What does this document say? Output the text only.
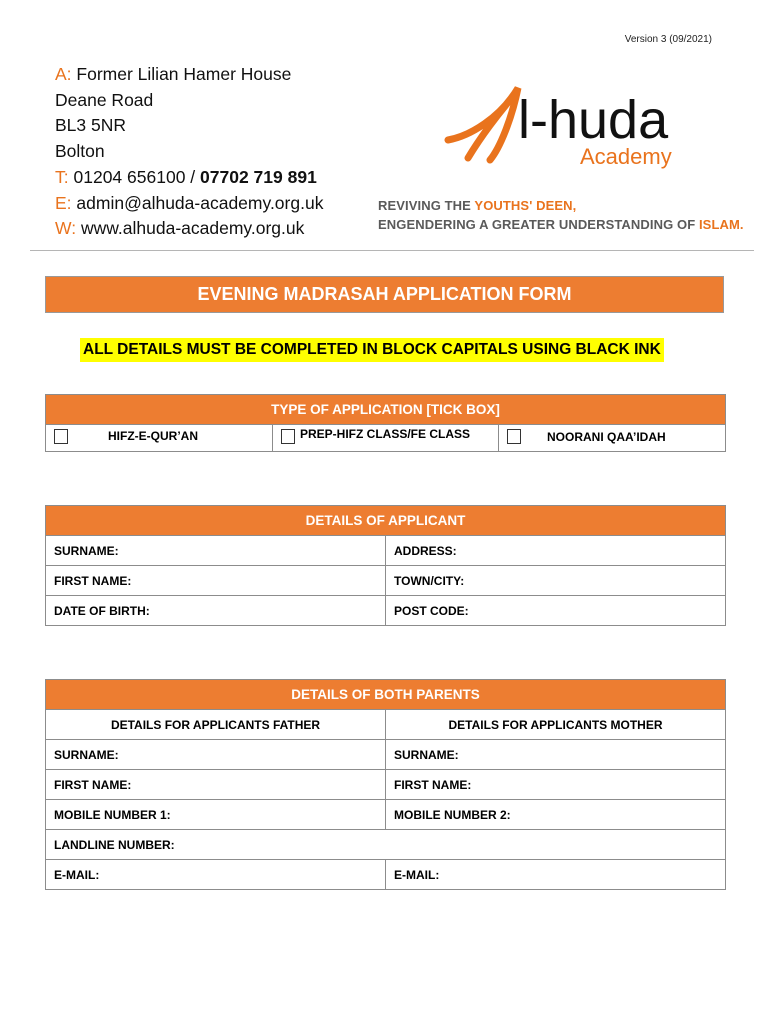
Version 3 (09/2021)
A: Former Lilian Hamer House
Deane Road
BL3 5NR
Bolton
T: 01204 656100 / 07702 719 891
E: admin@alhuda-academy.org.uk
W: www.alhuda-academy.org.uk
l-huda
Academy
REVIVING THE YOUTHS' DEEN,
ENGENDERING A GREATER UNDERSTANDING OF ISLAM.
EVENING MADRASAH APPLICATION FORM
ALL DETAILS MUST BE COMPLETED IN BLOCK CAPITALS USING BLACK INK
TYPE OF APPLICATION [TICK BOX]

HIFZ-E-QUR’AN	PREP-HIFZ CLASS/FE CLASS	NOORANI QAA’IDAH
DETAILS OF APPLICANT	
SURNAME:	ADDRESS:
FIRST NAME:	TOWN/CITY:
DATE OF BIRTH:	POST CODE:
DETAILS OF BOTH PARENTS	
DETAILS FOR APPLICANTS FATHER	DETAILS FOR APPLICANTS MOTHER
SURNAME:	SURNAME:
FIRST NAME:	FIRST NAME:
MOBILE NUMBER 1:	MOBILE NUMBER 2:
LANDLINE NUMBER:	
E-MAIL:	E-MAIL:
